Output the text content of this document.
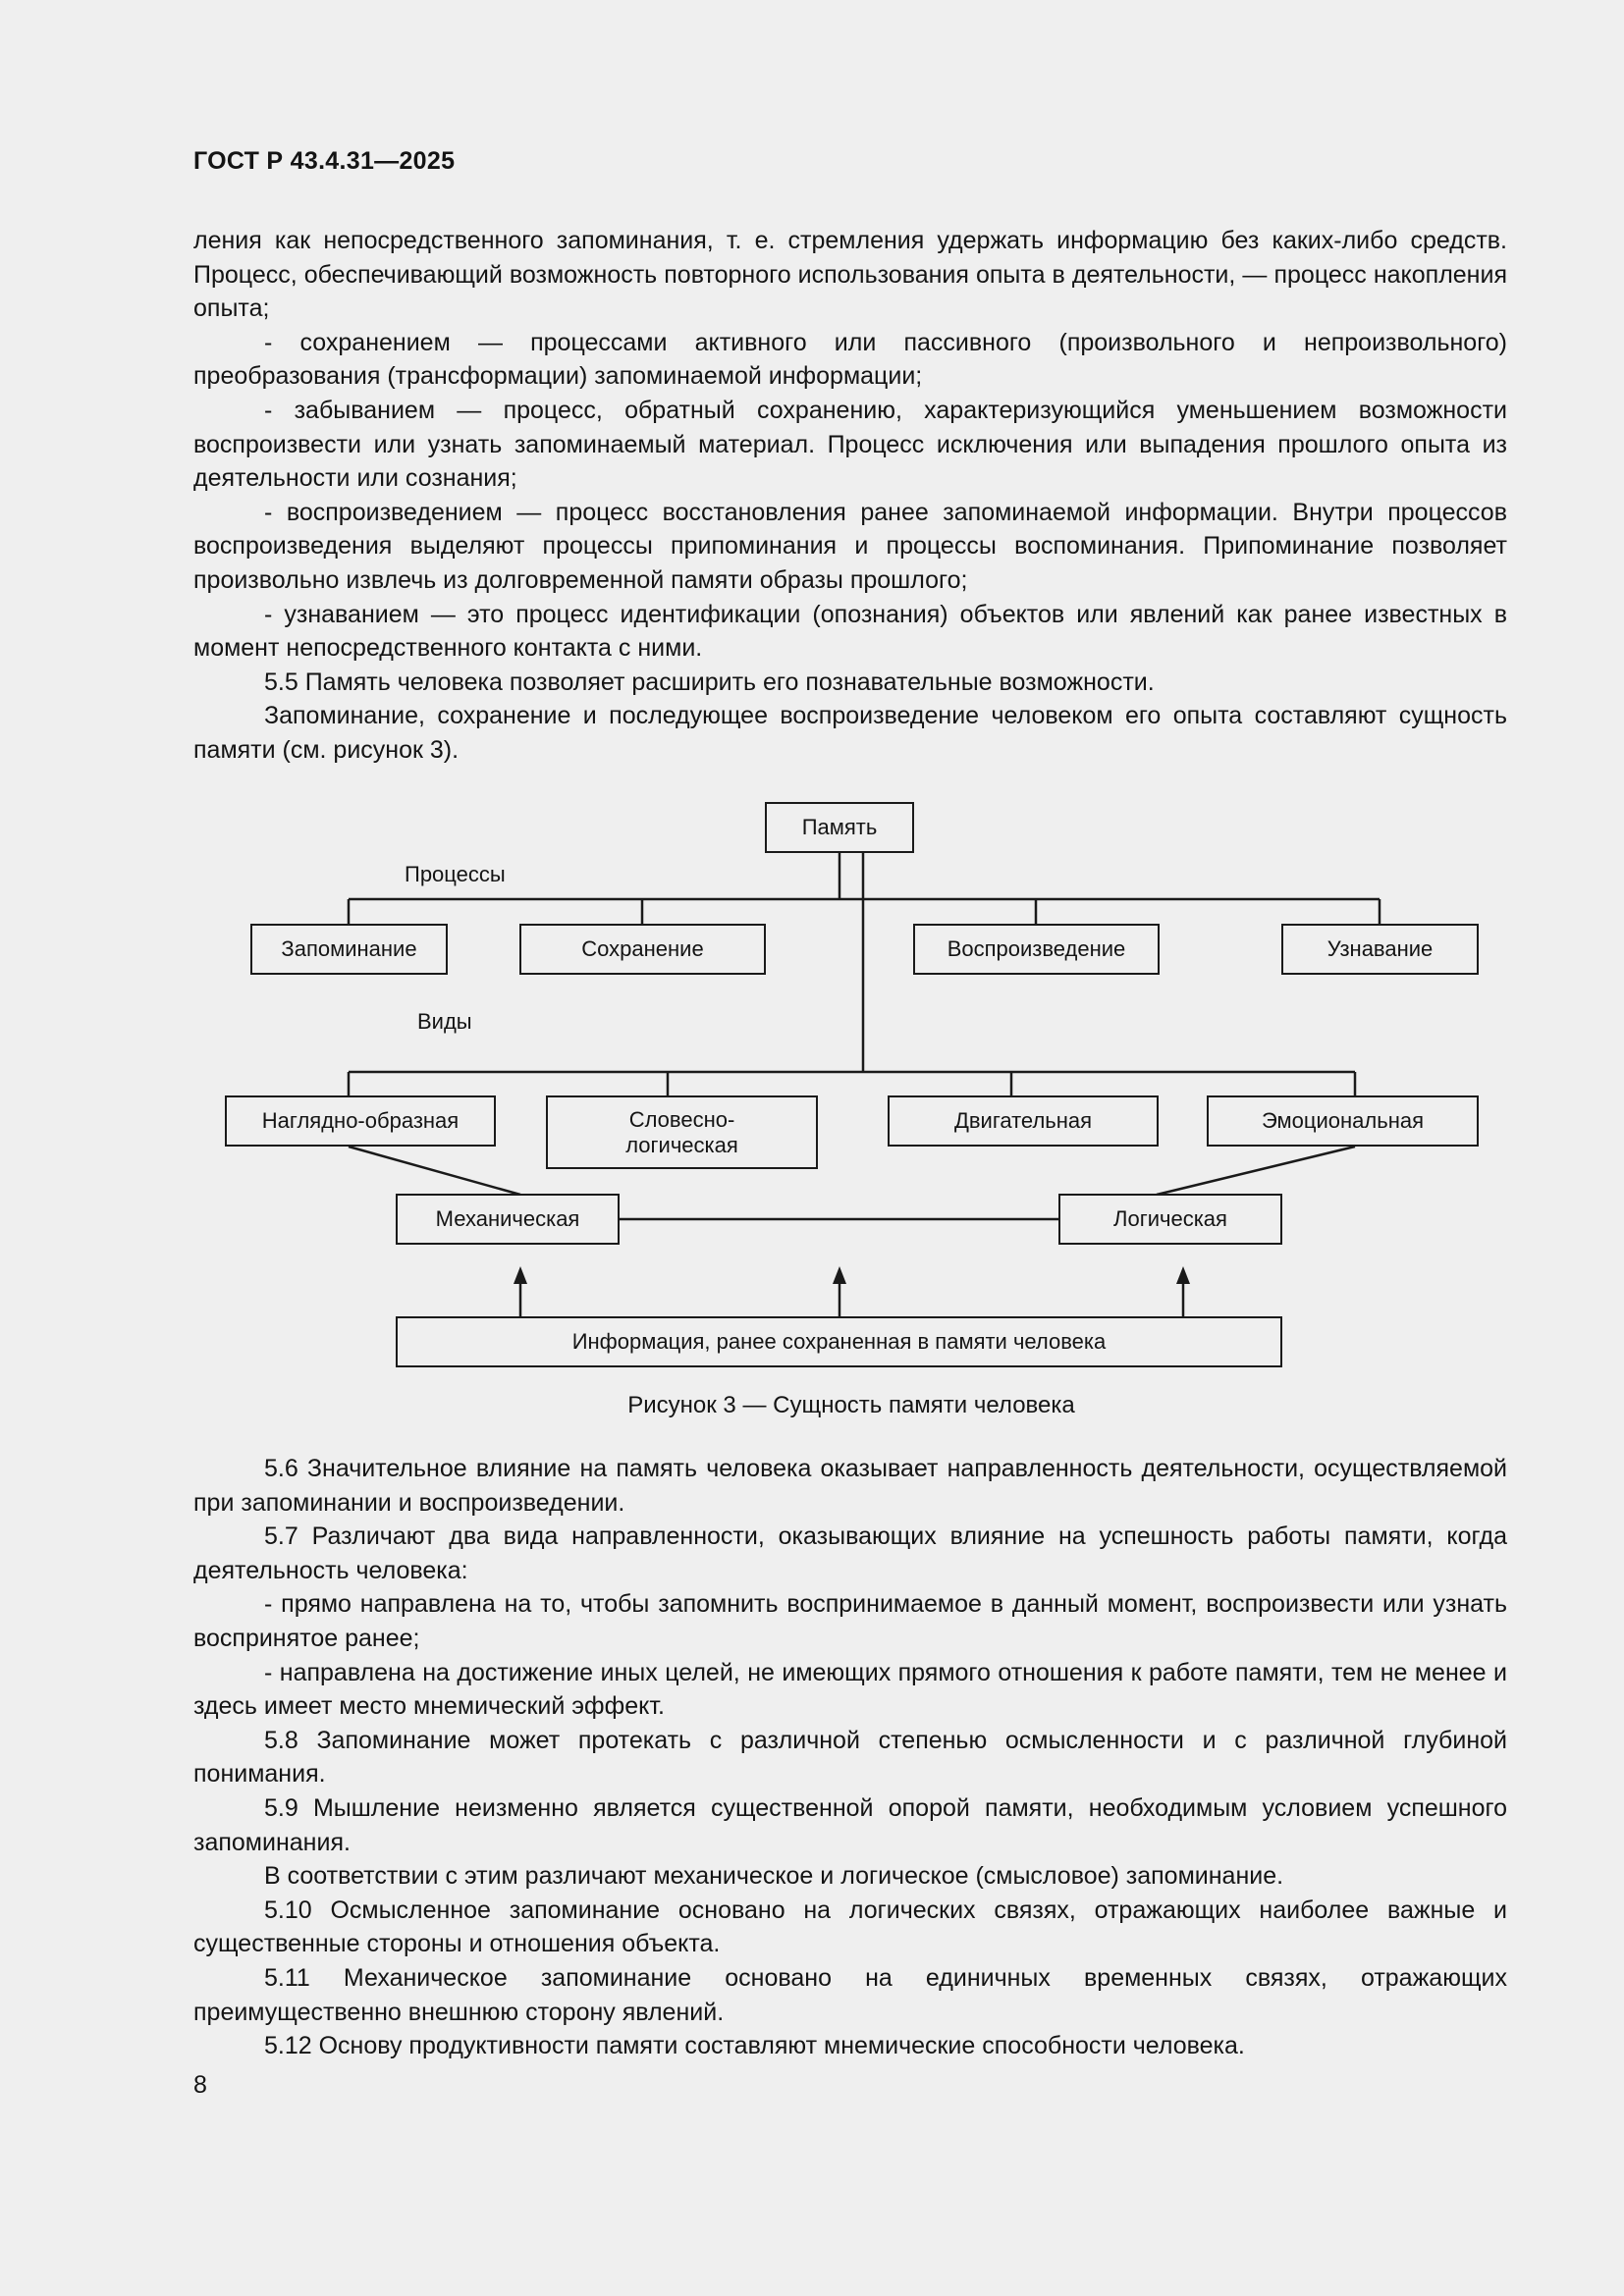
ГОСТ Р 43.4.31—2025

ления как непосредственного запоминания, т. е. стремления удержать информацию без каких-либо средств. Процесс, обеспечивающий возможность повторного использования опыта в деятельности, — процесс накопления опыта;

- сохранением — процессами активного или пассивного (произвольного и непроизвольного) преобразования (трансформации) запоминаемой информации;

- забыванием — процесс, обратный сохранению, характеризующийся уменьшением возможности воспроизвести или узнать запоминаемый материал. Процесс исключения или выпадения прошлого опыта из деятельности или сознания;

- воспроизведением — процесс восстановления ранее запоминаемой информации. Внутри процессов воспроизведения выделяют процессы припоминания и процессы воспоминания. Припоминание позволяет произвольно извлечь из долговременной памяти образы прошлого;

- узнаванием — это процесс идентификации (опознания) объектов или явлений как ранее известных в момент непосредственного контакта с ними.

5.5 Память человека позволяет расширить его познавательные возможности.

Запоминание, сохранение и последующее воспроизведение человеком его опыта составляют сущность памяти (см. рисунок 3).

Память
Процессы
Запоминание	Сохранение	Воспроизведение	Узнавание
Виды
Наглядно-образная	Словесно-
логическая
Двигательная	Эмоциональная
Механическая	Логическая
Информация, ранее сохраненная в памяти человека
Рисунок 3 — Сущность памяти человека

5.6 Значительное влияние на память человека оказывает направленность деятельности, осуществляемой при запоминании и воспроизведении.

5.7 Различают два вида направленности, оказывающих влияние на успешность работы памяти, когда деятельность человека:

- прямо направлена на то, чтобы запомнить воспринимаемое в данный момент, воспроизвести или узнать воспринятое ранее;

- направлена на достижение иных целей, не имеющих прямого отношения к работе памяти, тем не менее и здесь имеет место мнемический эффект.

5.8 Запоминание может протекать с различной степенью осмысленности и с различной глубиной понимания.

5.9 Мышление неизменно является существенной опорой памяти, необходимым условием успешного запоминания.

В соответствии с этим различают механическое и логическое (смысловое) запоминание.

5.10 Осмысленное запоминание основано на логических связях, отражающих наиболее важные и существенные стороны и отношения объекта.

5.11 Механическое запоминание основано на единичных временных связях, отражающих преимущественно внешнюю сторону явлений.

5.12 Основу продуктивности памяти составляют мнемические способности человека.

8
